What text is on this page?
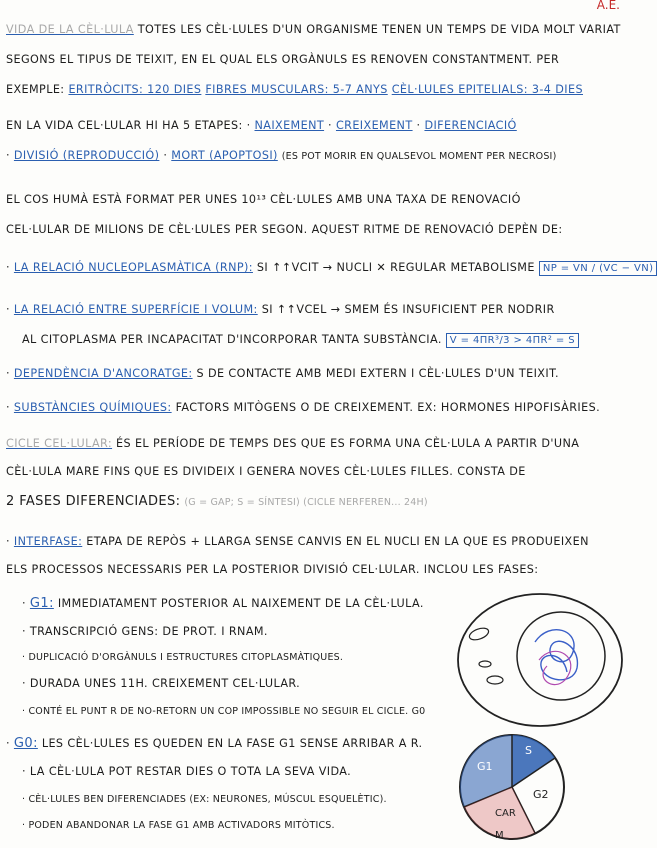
A.E.
VIDA DE LA CÈL·LULA TOTES LES CÈL·LULES D'UN ORGANISME TENEN UN TEMPS DE VIDA MOLT VARIAT
SEGONS EL TIPUS DE TEIXIT, EN EL QUAL ELS ORGÀNULS ES RENOVEN CONSTANTMENT. PER
EXEMPLE: ERITRÒCITS: 120 DIES FIBRES MUSCULARS: 5-7 ANYS CÈL·LULES EPITELIALS: 3-4 DIES
EN LA VIDA CEL·LULAR HI HA 5 ETAPES: · NAIXEMENT · CREIXEMENT · DIFERENCIACIÓ
· DIVISIÓ (REPRODUCCIÓ) · MORT (APOPTOSI) (ES POT MORIR EN QUALSEVOL MOMENT PER NECROSI)
EL COS HUMÀ ESTÀ FORMAT PER UNES 10¹³ CÈL·LULES AMB UNA TAXA DE RENOVACIÓ
CEL·LULAR DE MILIONS DE CÈL·LULES PER SEGON. AQUEST RITME DE RENOVACIÓ DEPÈN DE:
· LA RELACIÓ NUCLEOPLASMÀTICA (RNP): SI ↑↑VCIT → NUCLI ✕ REGULAR METABOLISME NP = VN / (VC − VN)
· LA RELACIÓ ENTRE SUPERFÍCIE I VOLUM: SI ↑↑VCEL → SMEM ÉS INSUFICIENT PER NODRIR
AL CITOPLASMA PER INCAPACITAT D'INCORPORAR TANTA SUBSTÀNCIA. V = 4ΠR³/3 > 4ΠR² = S
· DEPENDÈNCIA D'ANCORATGE: S DE CONTACTE AMB MEDI EXTERN I CÈL·LULES D'UN TEIXIT.
· SUBSTÀNCIES QUÍMIQUES: FACTORS MITÒGENS O DE CREIXEMENT. EX: HORMONES HIPOFISÀRIES.
CICLE CEL·LULAR: ÉS EL PERÍODE DE TEMPS DES QUE ES FORMA UNA CÈL·LULA A PARTIR D'UNA
CÈL·LULA MARE FINS QUE ES DIVIDEIX I GENERA NOVES CÈL·LULES FILLES. CONSTA DE
2 FASES DIFERENCIADES: (G = GAP; S = SÍNTESI) (CICLE NERFEREN... 24H)
· INTERFASE: ETAPA DE REPÒS + LLARGA SENSE CANVIS EN EL NUCLI EN LA QUE ES PRODUEIXEN
ELS PROCESSOS NECESSARIS PER LA POSTERIOR DIVISIÓ CEL·LULAR. INCLOU LES FASES:
· G1: IMMEDIATAMENT POSTERIOR AL NAIXEMENT DE LA CÈL·LULA.
· TRANSCRIPCIÓ GENS: DE PROT. I RNAM.
· DUPLICACIÓ D'ORGÀNULS I ESTRUCTURES CITOPLASMÀTIQUES.
· DURADA UNES 11H. CREIXEMENT CEL·LULAR.
· CONTÉ EL PUNT R DE NO-RETORN UN COP IMPOSSIBLE NO SEGUIR EL CICLE. G0
· G0: LES CÈL·LULES ES QUEDEN EN LA FASE G1 SENSE ARRIBAR A R.
· LA CÈL·LULA POT RESTAR DIES O TOTA LA SEVA VIDA.
· CÈL·LULES BEN DIFERENCIADES (EX: NEURONES, MÚSCUL ESQUELÈTIC).
· PODEN ABANDONAR LA FASE G1 AMB ACTIVADORS MITÒTICS.
G1
S
G2
CAR
M
